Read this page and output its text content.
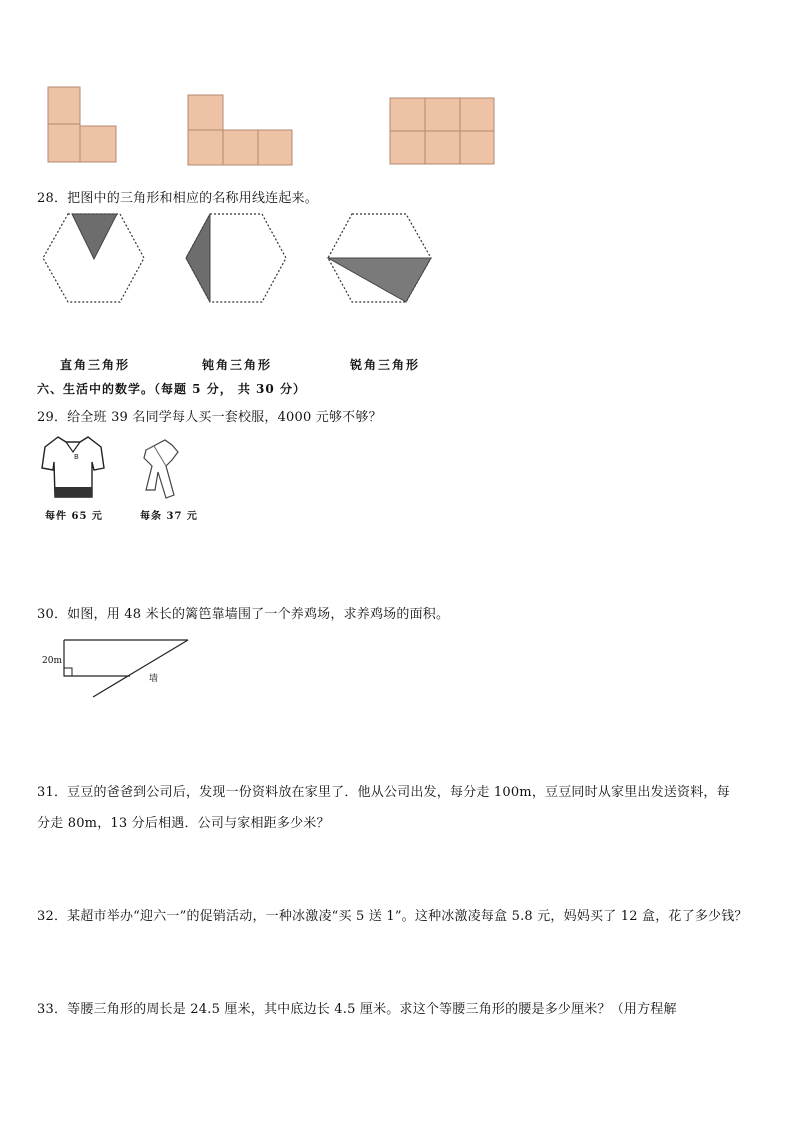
28．把图中的三角形和相应的名称用线连起来。
直角三角形	钝角三角形	锐角三角形
六、生活中的数学。（每题 5 分， 共 30 分）
29．给全班 39 名同学每人买一套校服，4000 元够不够？
B
每件 65 元	每条 37 元
30．如图，用 48 米长的篱笆靠墙围了一个养鸡场，求养鸡场的面积。
20m
墙
31．豆豆的爸爸到公司后，发现一份资料放在家里了．他从公司出发，每分走 100m，豆豆同时从家里出发送资料，每
分走 80m，13 分后相遇．公司与家相距多少米？
32．某超市举办“迎六一”的促销活动，一种冰激凌“买 5 送 1”。这种冰激凌每盒 5.8 元，妈妈买了 12 盒，花了多少钱？
33．等腰三角形的周长是 24.5 厘米，其中底边长 4.5 厘米。求这个等腰三角形的腰是多少厘米？（用方程解
